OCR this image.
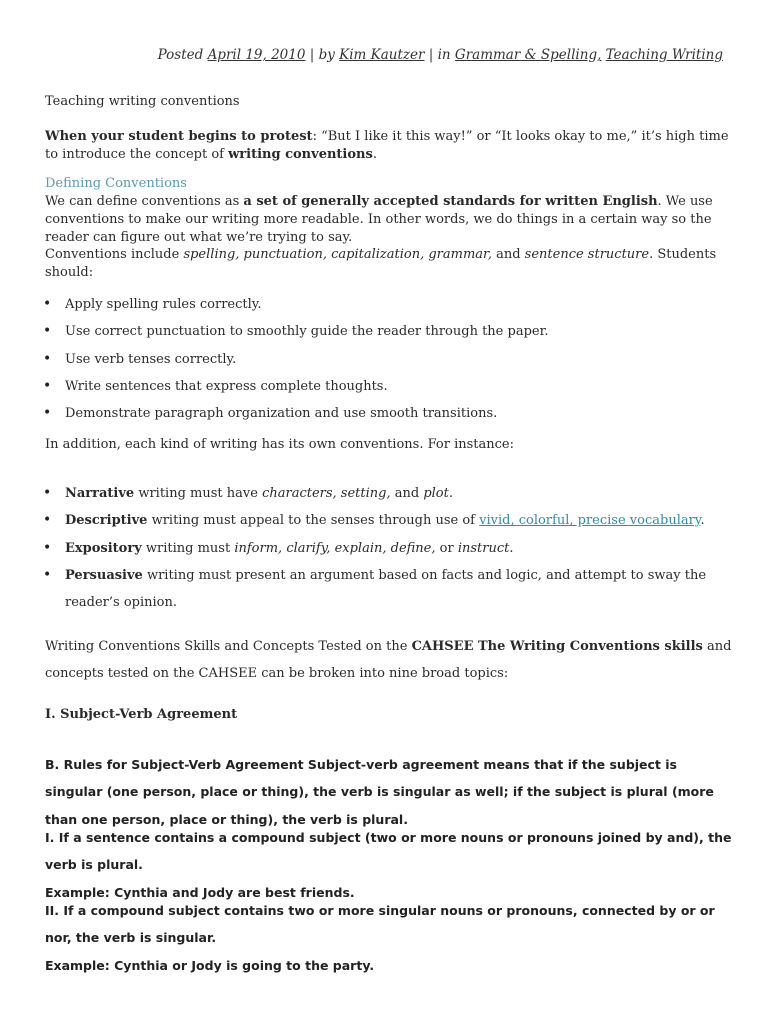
Posted April 19, 2010 | by Kim Kautzer | in Grammar & Spelling, Teaching Writing
Teaching writing conventions
When your student begins to protest: “But I like it this way!” or “It looks okay to me,” it’s high time to introduce the concept of writing conventions.
Defining Conventions
We can define conventions as a set of generally accepted standards for written English. We use conventions to make our writing more readable. In other words, we do things in a certain way so the reader can figure out what we’re trying to say.
Conventions include spelling, punctuation, capitalization, grammar, and sentence structure. Students should:
• Apply spelling rules correctly.
• Use correct punctuation to smoothly guide the reader through the paper.
• Use verb tenses correctly.
• Write sentences that express complete thoughts.
• Demonstrate paragraph organization and use smooth transitions.
In addition, each kind of writing has its own conventions. For instance:
• Narrative writing must have characters, setting, and plot.
• Descriptive writing must appeal to the senses through use of vivid, colorful, precise vocabulary.
• Expository writing must inform, clarify, explain, define, or instruct.
• Persuasive writing must present an argument based on facts and logic, and attempt to sway the reader’s opinion.
Writing Conventions Skills and Concepts Tested on the CAHSEE The Writing Conventions skills and concepts tested on the CAHSEE can be broken into nine broad topics:
I. Subject-Verb Agreement
B. Rules for Subject-Verb Agreement Subject-verb agreement means that if the subject is singular (one person, place or thing), the verb is singular as well; if the subject is plural (more than one person, place or thing), the verb is plural.
I. If a sentence contains a compound subject (two or more nouns or pronouns joined by and), the verb is plural.
Example: Cynthia and Jody are best friends.
II. If a compound subject contains two or more singular nouns or pronouns, connected by or or nor, the verb is singular.
Example: Cynthia or Jody is going to the party.
